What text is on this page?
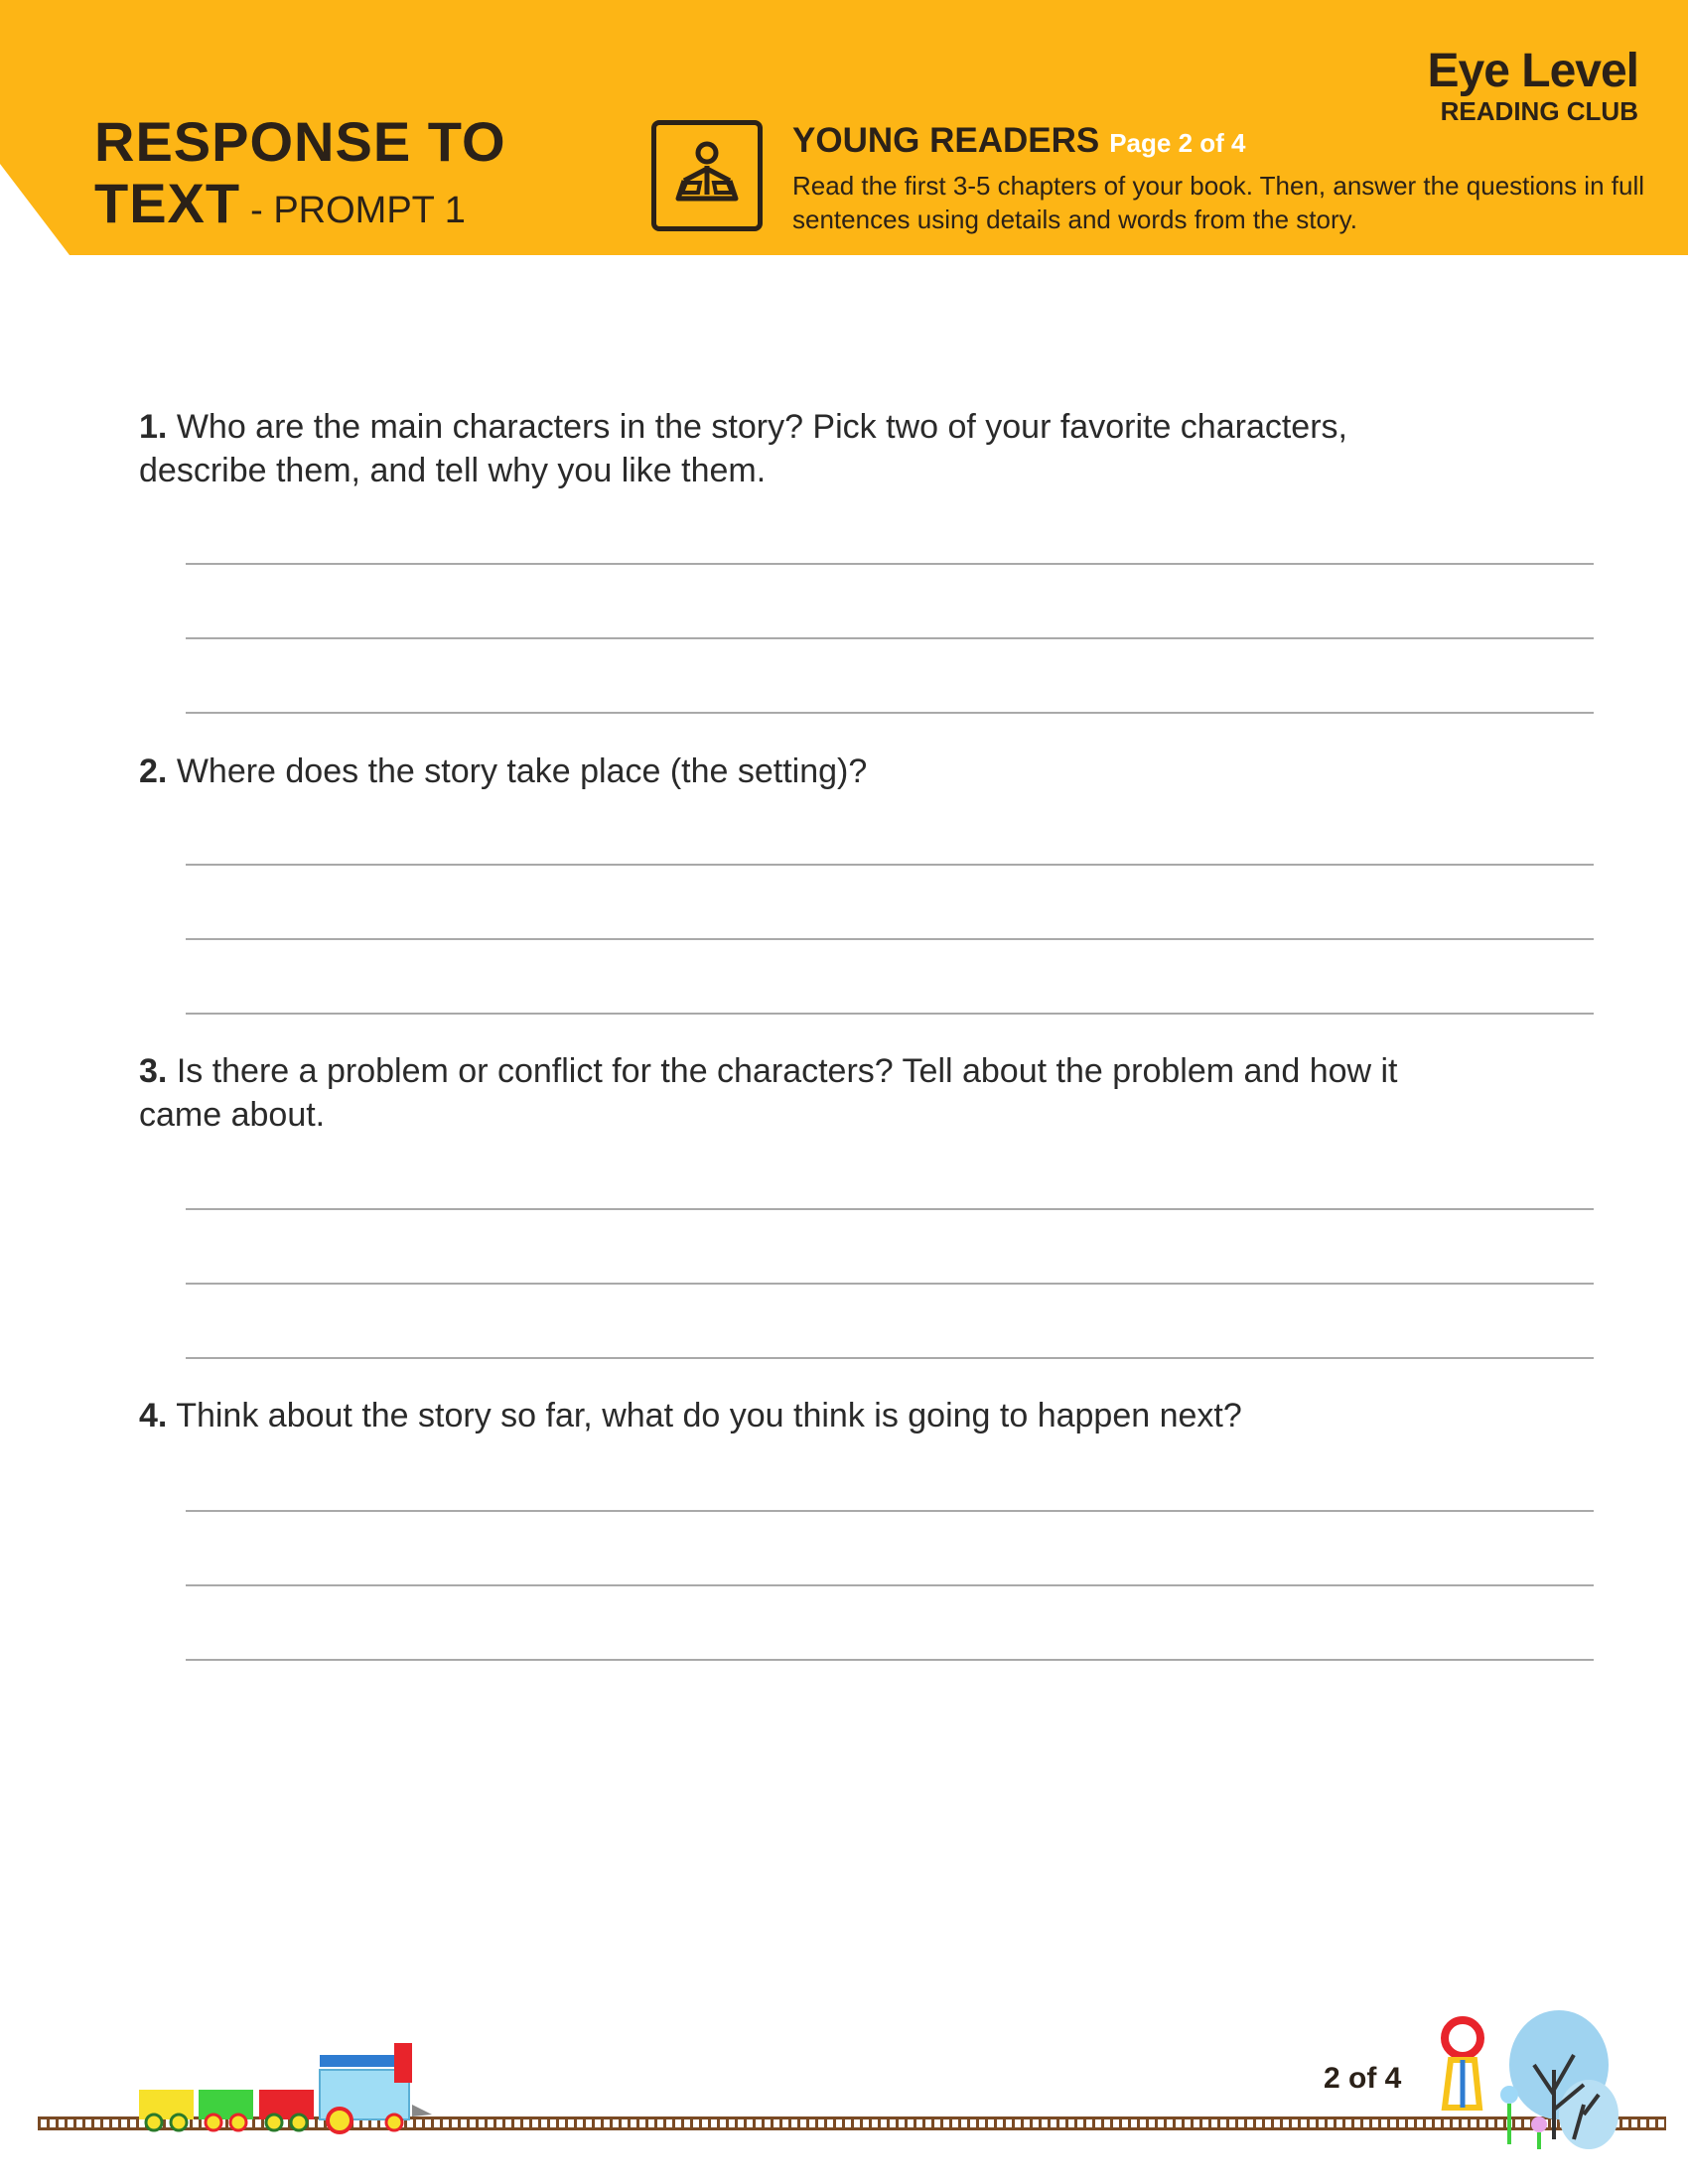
RESPONSE TO
TEXT - PROMPT 1
YOUNG READERS Page 2 of 4
Read the first 3-5 chapters of your book. Then, answer the questions in full sentences using details and words from the story.
Eye Level
READING CLUB
1. Who are the main characters in the story? Pick two of your favorite characters, describe them, and tell why you like them.
2. Where does the story take place (the setting)?
3. Is there a problem or conflict for the characters? Tell about the problem and how it came about.
4. Think about the story so far, what do you think is going to happen next?
2 of 4
